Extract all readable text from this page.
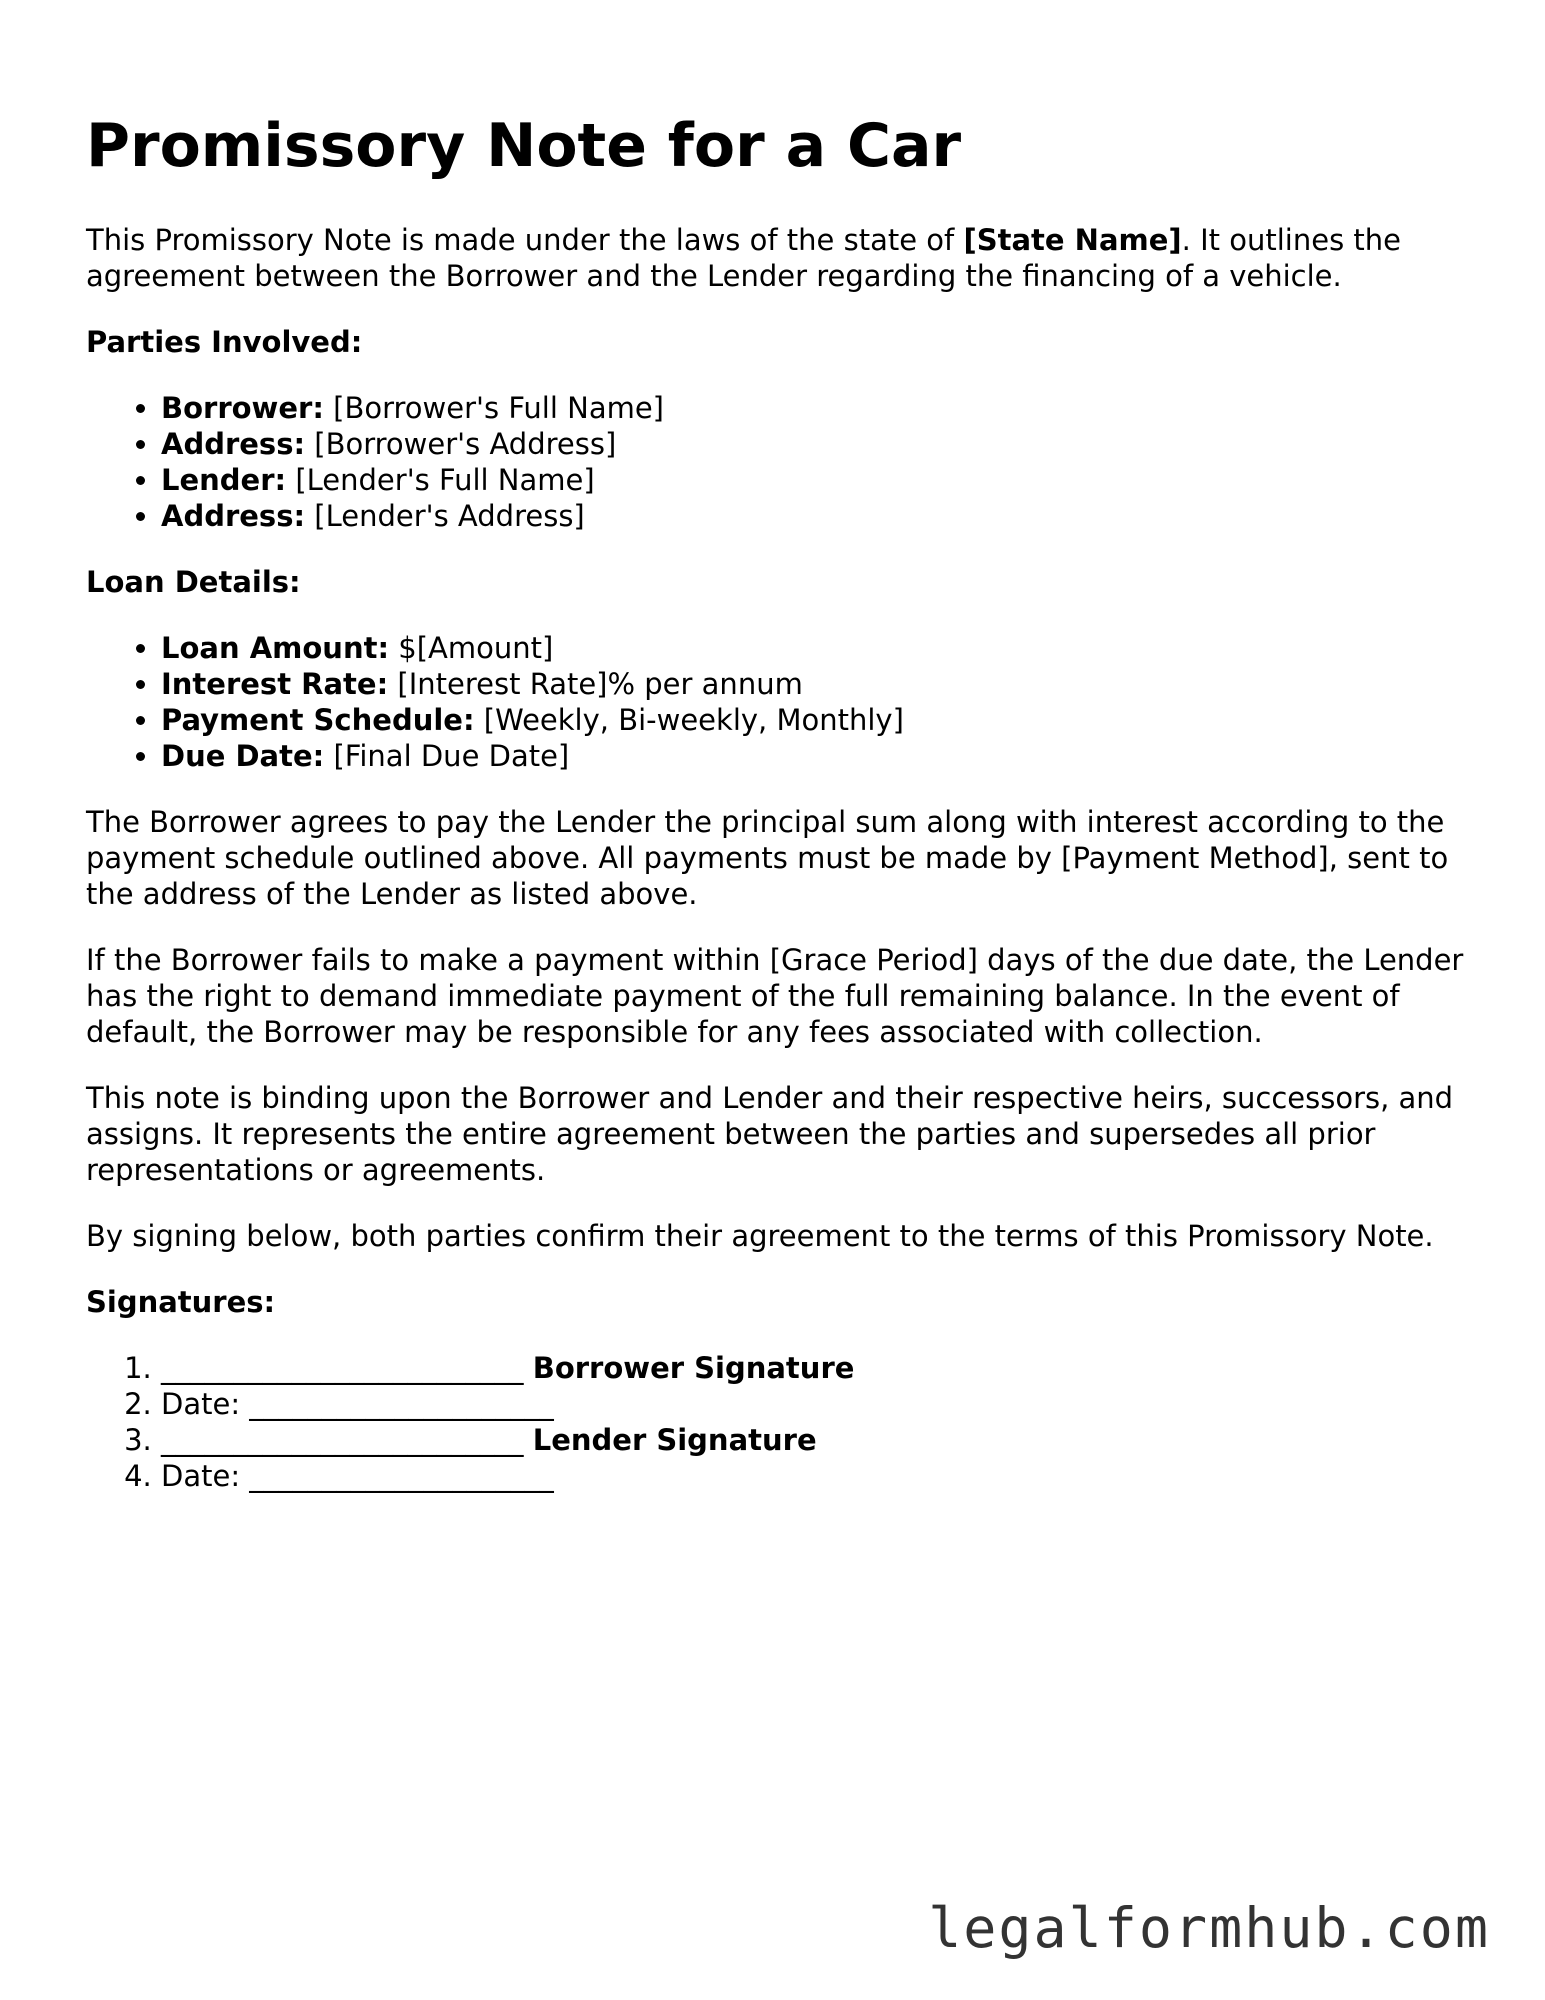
Promissory Note for a Car

This Promissory Note is made under the laws of the state of [State Name]. It outlines the agreement between the Borrower and the Lender regarding the financing of a vehicle.

Parties Involved:
• Borrower: [Borrower's Full Name]
• Address: [Borrower's Address]
• Lender: [Lender's Full Name]
• Address: [Lender's Address]
Loan Details:
• Loan Amount: $[Amount]
• Interest Rate: [Interest Rate]% per annum
• Payment Schedule: [Weekly, Bi-weekly, Monthly]
• Due Date: [Final Due Date]

The Borrower agrees to pay the Lender the principal sum along with interest according to the payment schedule outlined above. All payments must be made by [Payment Method], sent to the address of the Lender as listed above.

If the Borrower fails to make a payment within [Grace Period] days of the due date, the Lender has the right to demand immediate payment of the full remaining balance. In the event of default, the Borrower may be responsible for any fees associated with collection.

This note is binding upon the Borrower and Lender and their respective heirs, successors, and assigns. It represents the entire agreement between the parties and supersedes all prior representations or agreements.

By signing below, both parties confirm their agreement to the terms of this Promissory Note.

Signatures:
1. _________________________ Borrower Signature
2. Date: _____________________
3. _________________________ Lender Signature
4. Date: _____________________
legalformhub.com
